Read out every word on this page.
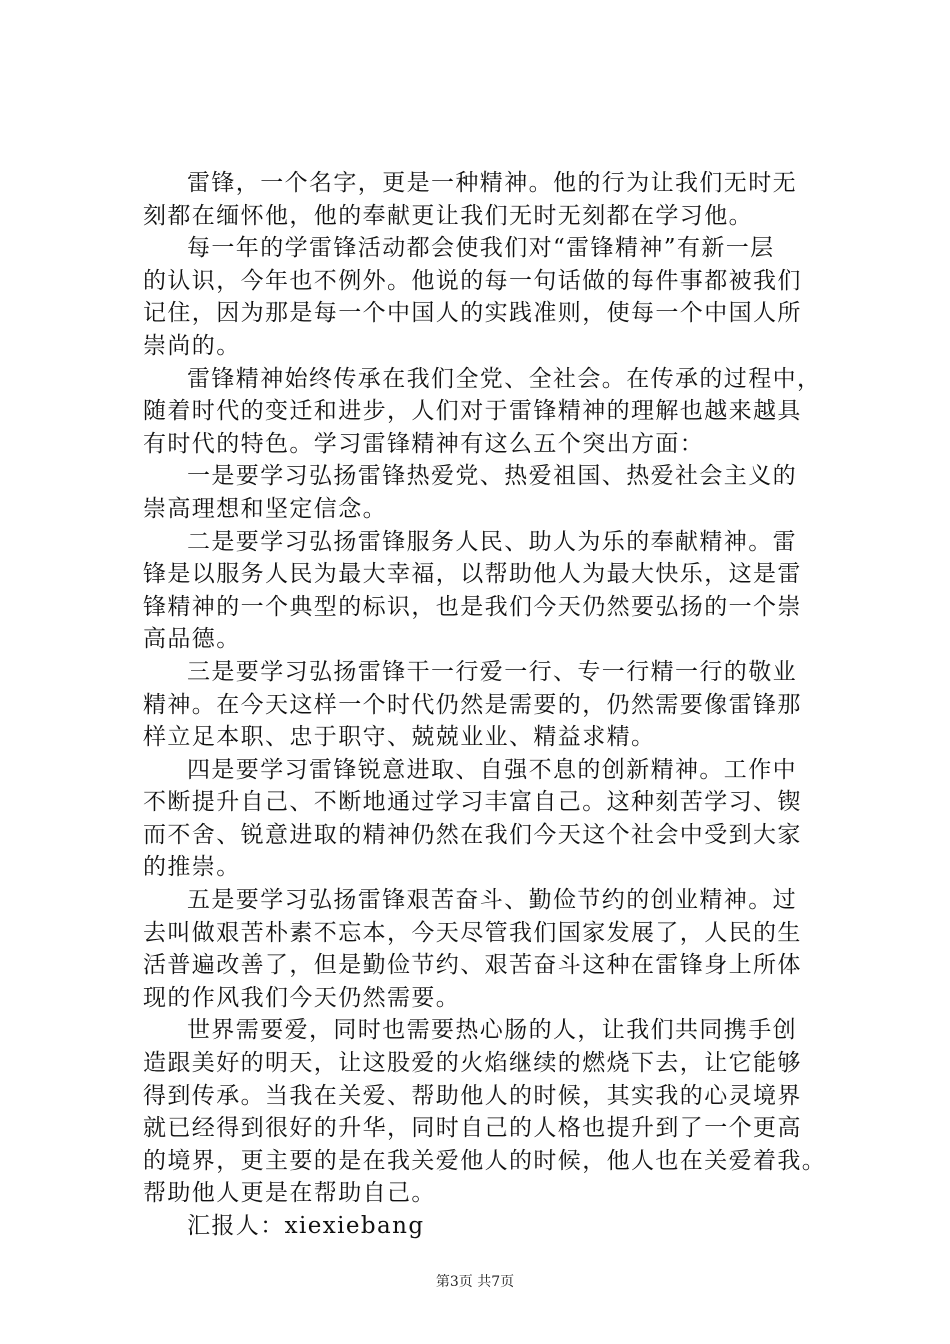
雷锋，一个名字，更是一种精神。他的行为让我们无时无
刻都在缅怀他，他的奉献更让我们无时无刻都在学习他。
每一年的学雷锋活动都会使我们对“雷锋精神”有新一层
的认识，今年也不例外。他说的每一句话做的每件事都被我们
记住，因为那是每一个中国人的实践准则，使每一个中国人所
崇尚的。
雷锋精神始终传承在我们全党、全社会。在传承的过程中，
随着时代的变迁和进步，人们对于雷锋精神的理解也越来越具
有时代的特色。学习雷锋精神有这么五个突出方面：
一是要学习弘扬雷锋热爱党、热爱祖国、热爱社会主义的
崇高理想和坚定信念。
二是要学习弘扬雷锋服务人民、助人为乐的奉献精神。雷
锋是以服务人民为最大幸福，以帮助他人为最大快乐，这是雷
锋精神的一个典型的标识，也是我们今天仍然要弘扬的一个崇
高品德。
三是要学习弘扬雷锋干一行爱一行、专一行精一行的敬业
精神。在今天这样一个时代仍然是需要的，仍然需要像雷锋那
样立足本职、忠于职守、兢兢业业、精益求精。
四是要学习雷锋锐意进取、自强不息的创新精神。工作中
不断提升自己、不断地通过学习丰富自己。这种刻苦学习、锲
而不舍、锐意进取的精神仍然在我们今天这个社会中受到大家
的推崇。
五是要学习弘扬雷锋艰苦奋斗、勤俭节约的创业精神。过
去叫做艰苦朴素不忘本，今天尽管我们国家发展了，人民的生
活普遍改善了，但是勤俭节约、艰苦奋斗这种在雷锋身上所体
现的作风我们今天仍然需要。
世界需要爱，同时也需要热心肠的人，让我们共同携手创
造跟美好的明天，让这股爱的火焰继续的燃烧下去，让它能够
得到传承。当我在关爱、帮助他人的时候，其实我的心灵境界
就已经得到很好的升华，同时自己的人格也提升到了一个更高
的境界，更主要的是在我关爱他人的时候，他人也在关爱着我。
帮助他人更是在帮助自己。
汇报人：xiexiebang
第3页 共7页
